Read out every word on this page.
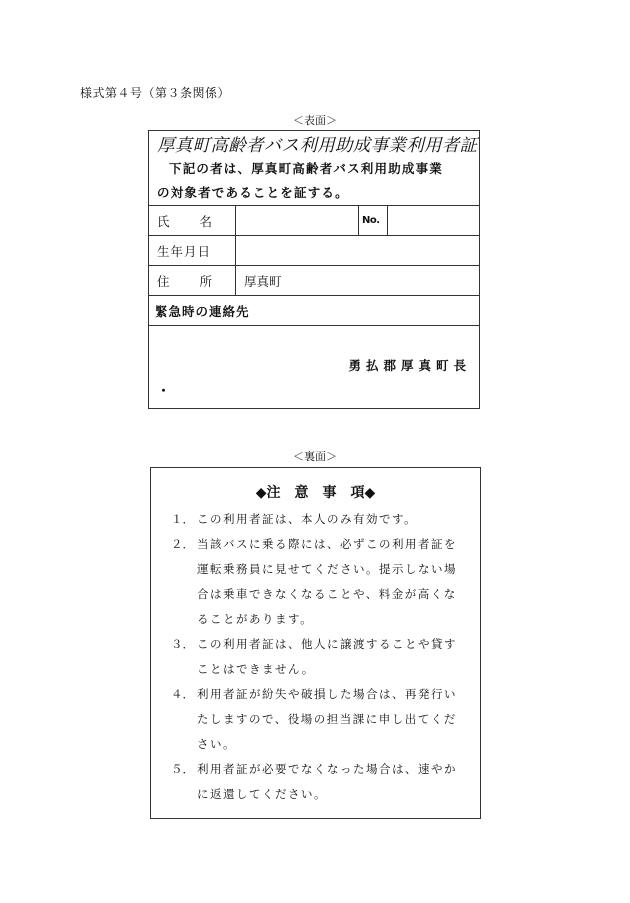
様式第４号（第３条関係）
＜表面＞
厚真町高齢者バス利用助成事業利用者証
下記の者は、厚真町高齢者バス利用助成事業
の対象者であることを証する。
氏 名	No.
生年月日
住 所	厚真町
緊急時の連絡先
勇払郡厚真町長
・
＜裏面＞
◆注　意　事　項◆
１． この利用者証は、本人のみ有効です。
２． 当該バスに乗る際には、必ずこの利用者証を運転乗務員に見せてください。提示しない場合は乗車できなくなることや、料金が高くなることがあります。
３． この利用者証は、他人に譲渡することや貸すことはできません。
４． 利用者証が紛失や破損した場合は、再発行いたしますので、役場の担当課に申し出てください。
５． 利用者証が必要でなくなった場合は、速やかに返還してください。
